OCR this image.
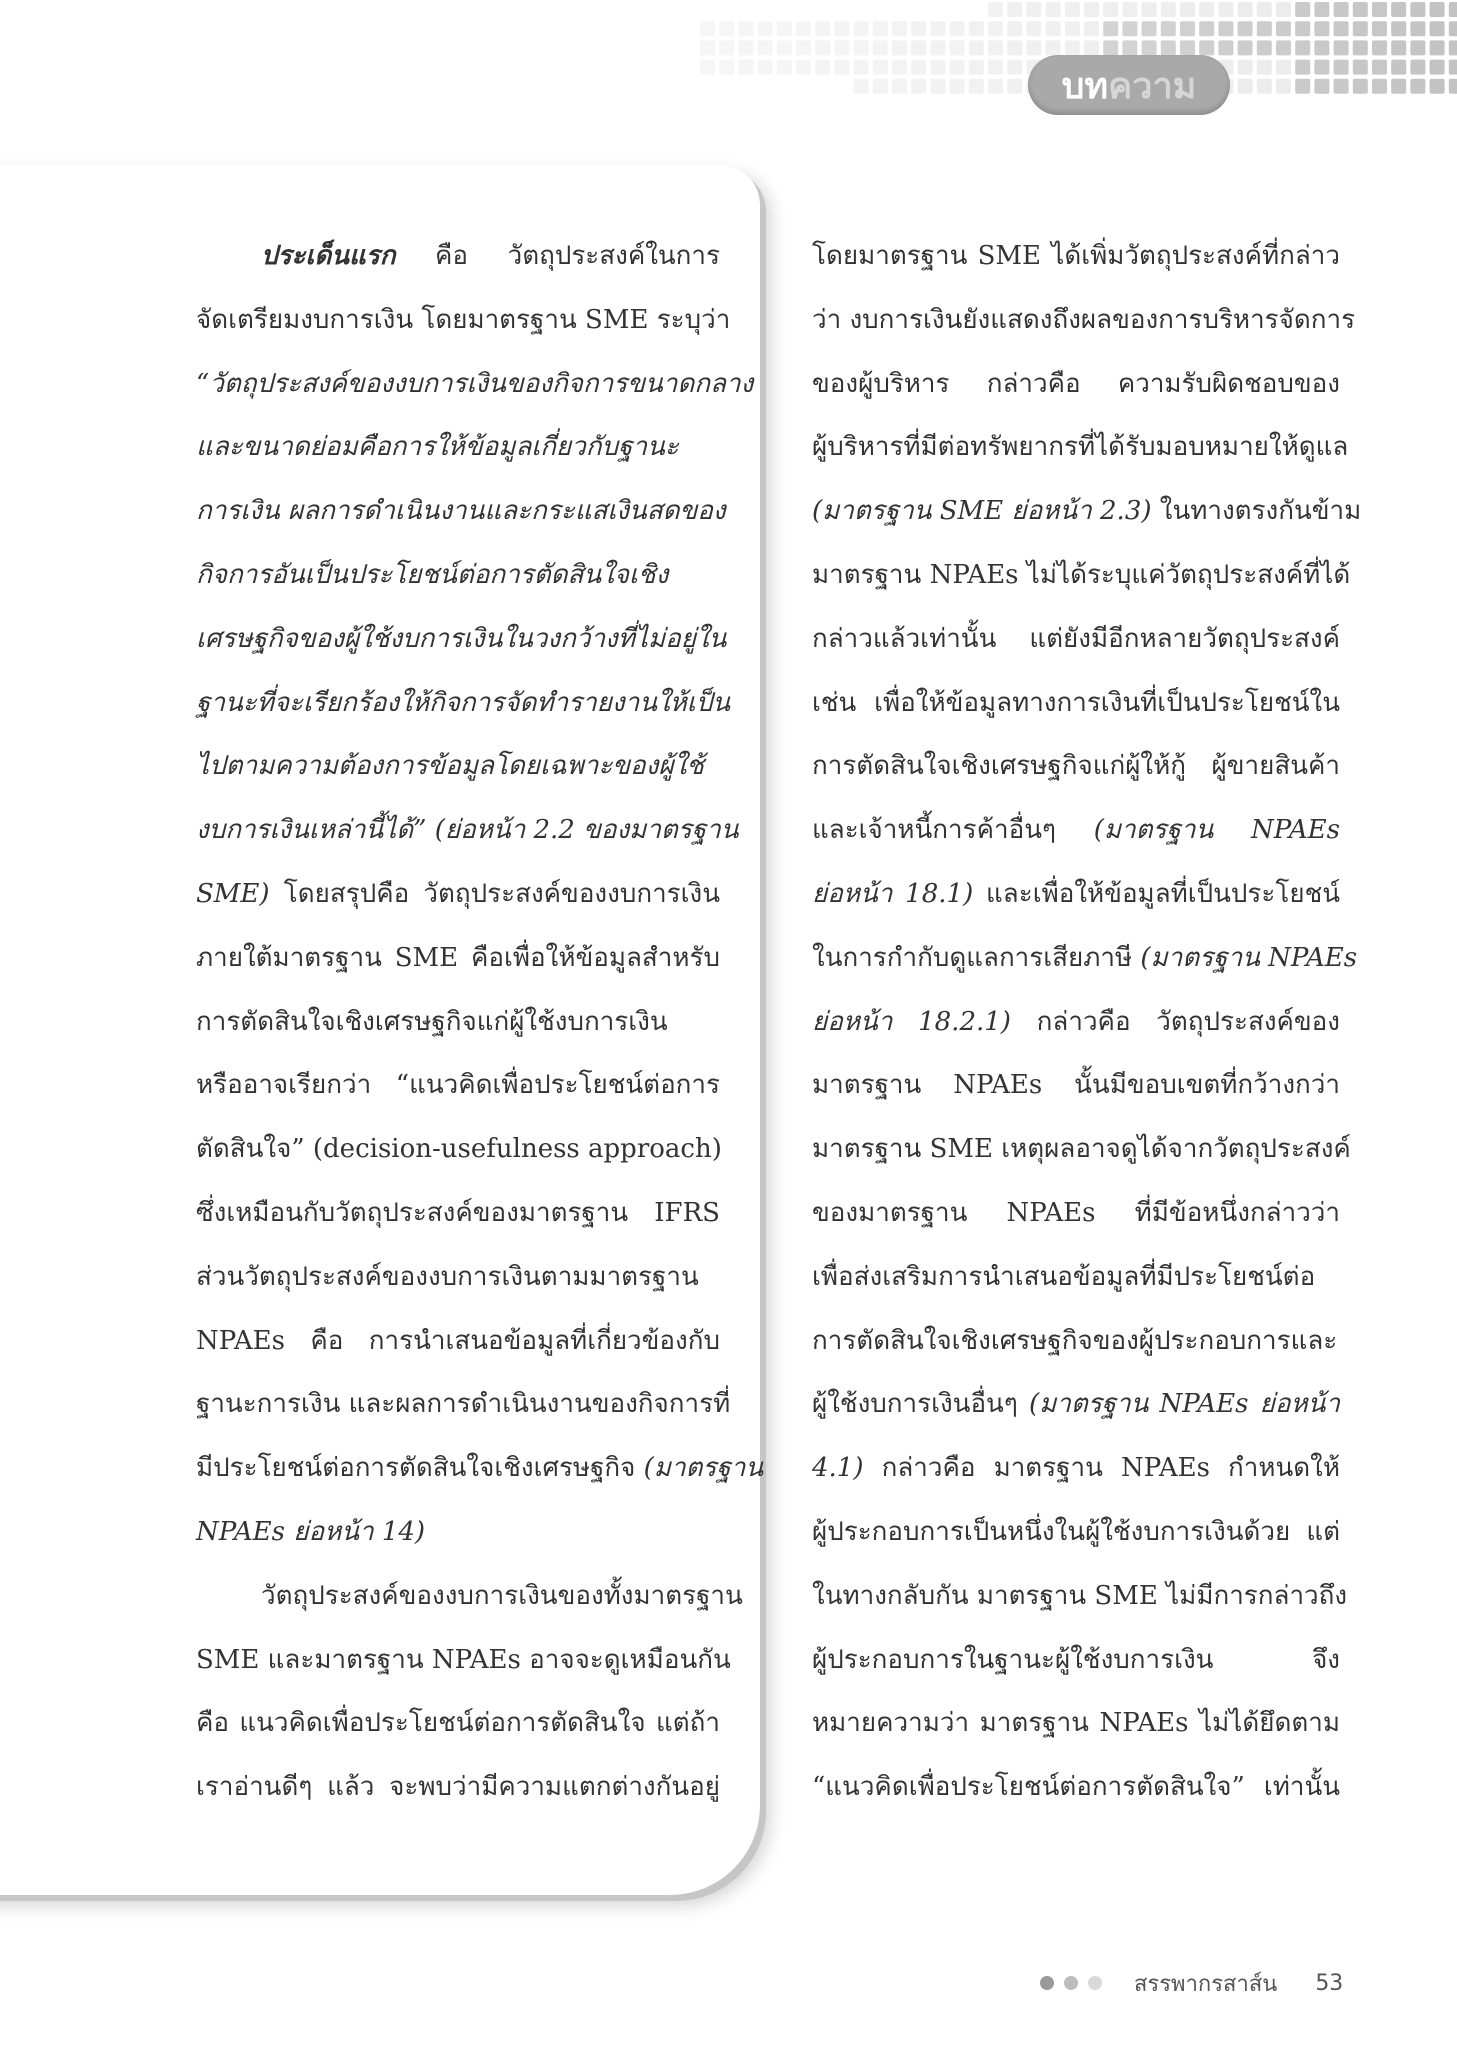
บท ความ
ประเด็นแรก คือ วัตถุประสงค์ในการ
จัดเตรียมงบการเงิน โดยมาตรฐาน SME ระบุว่า
“วัตถุประสงค์ของงบการเงินของกิจการขนาดกลาง
และขนาดย่อมคือการให้ข้อมูลเกี่ยวกับฐานะ
การเงิน ผลการดำเนินงานและกระแสเงินสดของ
กิจการอันเป็นประโยชน์ต่อการตัดสินใจเชิง
เศรษฐกิจของผู้ใช้งบการเงินในวงกว้างที่ไม่อยู่ใน
ฐานะที่จะเรียกร้องให้กิจการจัดทำรายงานให้เป็น
ไปตามความต้องการข้อมูลโดยเฉพาะของผู้ใช้
งบการเงินเหล่านี้ได้” (ย่อหน้า 2.2 ของมาตรฐาน
SME) โดยสรุปคือ วัตถุประสงค์ของงบการเงิน
ภายใต้มาตรฐาน SME คือเพื่อให้ข้อมูลสำหรับ
การตัดสินใจเชิงเศรษฐกิจแก่ผู้ใช้งบการเงิน
หรืออาจเรียกว่า “แนวคิดเพื่อประโยชน์ต่อการ
ตัดสินใจ” (decision-usefulness approach)
ซึ่งเหมือนกับวัตถุประสงค์ของมาตรฐาน IFRS
ส่วนวัตถุประสงค์ของงบการเงินตามมาตรฐาน
NPAEs คือ การนำเสนอข้อมูลที่เกี่ยวข้องกับ
ฐานะการเงิน และผลการดำเนินงานของกิจการที่
มีประโยชน์ต่อการตัดสินใจเชิงเศรษฐกิจ (มาตรฐาน
NPAEs ย่อหน้า 14)
วัตถุประสงค์ของงบการเงินของทั้งมาตรฐาน
SME และมาตรฐาน NPAEs อาจจะดูเหมือนกัน
คือ แนวคิดเพื่อประโยชน์ต่อการตัดสินใจ แต่ถ้า
เราอ่านดีๆ แล้ว จะพบว่ามีความแตกต่างกันอยู่
โดยมาตรฐาน SME ได้เพิ่มวัตถุประสงค์ที่กล่าว
ว่า งบการเงินยังแสดงถึงผลของการบริหารจัดการ
ของผู้บริหาร กล่าวคือ ความรับผิดชอบของ
ผู้บริหารที่มีต่อทรัพยากรที่ได้รับมอบหมายให้ดูแล
(มาตรฐาน SME ย่อหน้า 2.3) ในทางตรงกันข้าม
มาตรฐาน NPAEs ไม่ได้ระบุแค่วัตถุประสงค์ที่ได้
กล่าวแล้วเท่านั้น แต่ยังมีอีกหลายวัตถุประสงค์
เช่น เพื่อให้ข้อมูลทางการเงินที่เป็นประโยชน์ใน
การตัดสินใจเชิงเศรษฐกิจแก่ผู้ให้กู้ ผู้ขายสินค้า
และเจ้าหนี้การค้าอื่นๆ (มาตรฐาน NPAEs
ย่อหน้า 18.1) และเพื่อให้ข้อมูลที่เป็นประโยชน์
ในการกำกับดูแลการเสียภาษี (มาตรฐาน NPAEs
ย่อหน้า 18.2.1) กล่าวคือ วัตถุประสงค์ของ
มาตรฐาน NPAEs นั้นมีขอบเขตที่กว้างกว่า
มาตรฐาน SME เหตุผลอาจดูได้จากวัตถุประสงค์
ของมาตรฐาน NPAEs ที่มีข้อหนึ่งกล่าวว่า
เพื่อส่งเสริมการนำเสนอข้อมูลที่มีประโยชน์ต่อ
การตัดสินใจเชิงเศรษฐกิจของผู้ประกอบการและ
ผู้ใช้งบการเงินอื่นๆ (มาตรฐาน NPAEs ย่อหน้า
4.1) กล่าวคือ มาตรฐาน NPAEs กำหนดให้
ผู้ประกอบการเป็นหนึ่งในผู้ใช้งบการเงินด้วย แต่
ในทางกลับกัน มาตรฐาน SME ไม่มีการกล่าวถึง
ผู้ประกอบการในฐานะผู้ใช้งบการเงิน จึง
หมายความว่า มาตรฐาน NPAEs ไม่ได้ยึดตาม
“แนวคิดเพื่อประโยชน์ต่อการตัดสินใจ” เท่านั้น
สรรพากรสาส์น 53
